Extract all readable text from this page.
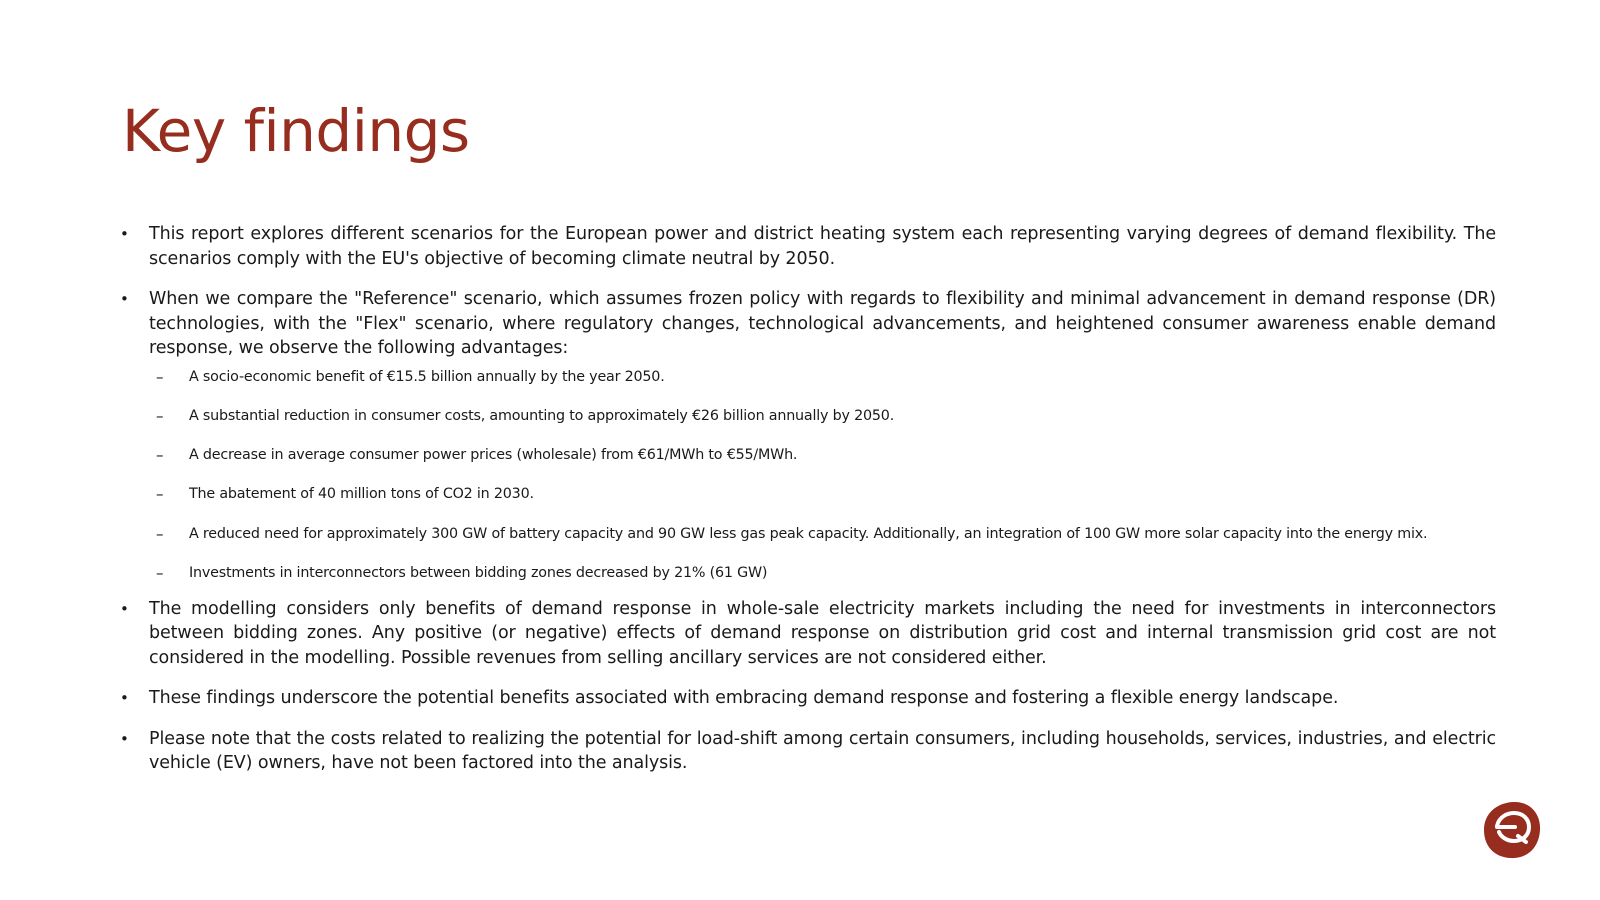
Key findings
• This report explores different scenarios for the European power and district heating system each representing varying degrees of demand flexibility. The scenarios comply with the EU's objective of becoming climate neutral by 2050.
• When we compare the "Reference" scenario, which assumes frozen policy with regards to flexibility and minimal advancement in demand response (DR) technologies, with the "Flex" scenario, where regulatory changes, technological advancements, and heightened consumer awareness enable demand response, we observe the following advantages:
– A socio-economic benefit of €15.5 billion annually by the year 2050.
– A substantial reduction in consumer costs, amounting to approximately €26 billion annually by 2050.
– A decrease in average consumer power prices (wholesale) from €61/MWh to €55/MWh.
– The abatement of 40 million tons of CO2 in 2030.
– A reduced need for approximately 300 GW of battery capacity and 90 GW less gas peak capacity. Additionally, an integration of 100 GW more solar capacity into the energy mix.
– Investments in interconnectors between bidding zones decreased by 21% (61 GW)
• The modelling considers only benefits of demand response in whole-sale electricity markets including the need for investments in interconnectors between bidding zones. Any positive (or negative) effects of demand response on distribution grid cost and internal transmission grid cost are not considered in the modelling. Possible revenues from selling ancillary services are not considered either.
• These findings underscore the potential benefits associated with embracing demand response and fostering a flexible energy landscape.
• Please note that the costs related to realizing the potential for load-shift among certain consumers, including households, services, industries, and electric vehicle (EV) owners, have not been factored into the analysis.
